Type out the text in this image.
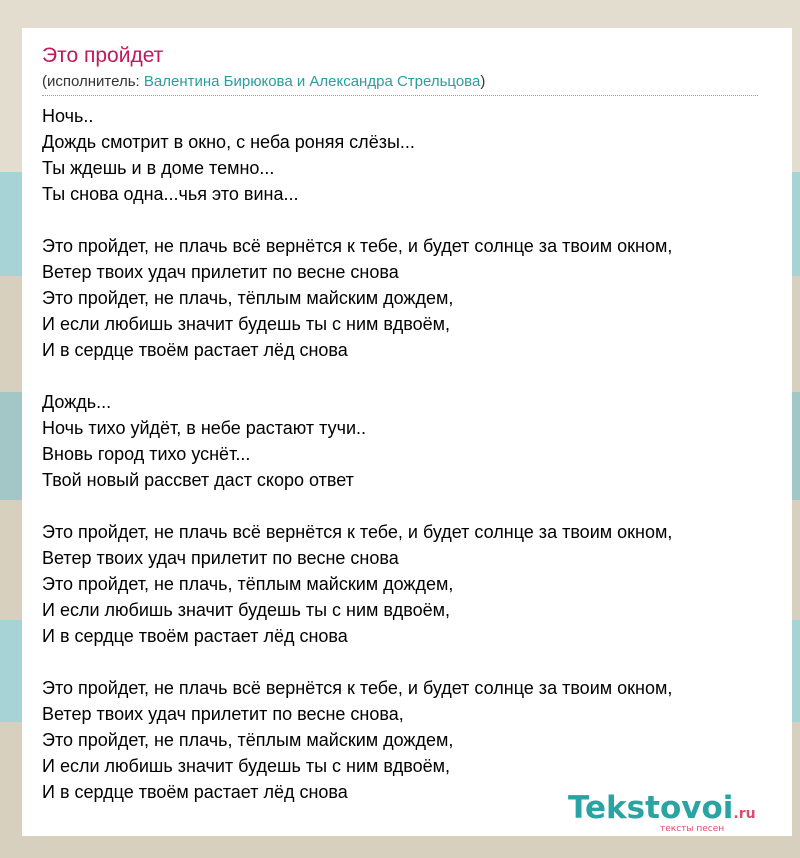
Это пройдет
(исполнитель: Валентина Бирюкова и Александра Стрельцова)
Ночь..
Дождь смотрит в окно, с неба роняя слёзы...
Ты ждешь и в доме темно...
Ты снова одна...чья это вина...
Это пройдет, не плачь всё вернётся к тебе, и будет солнце за твоим окном,
Ветер твоих удач прилетит по весне снова
Это пройдет, не плачь, тёплым майским дождем,
И если любишь значит будешь ты с ним вдвоём,
И в сердце твоём растает лёд снова
Дождь...
Ночь тихо уйдёт, в небе растают тучи..
Вновь город тихо уснёт...
Твой новый рассвет даст скоро ответ
Это пройдет, не плачь всё вернётся к тебе, и будет солнце за твоим окном,
Ветер твоих удач прилетит по весне снова
Это пройдет, не плачь, тёплым майским дождем,
И если любишь значит будешь ты с ним вдвоём,
И в сердце твоём растает лёд снова
Это пройдет, не плачь всё вернётся к тебе, и будет солнце за твоим окном,
Ветер твоих удач прилетит по весне снова,
Это пройдет, не плачь, тёплым майским дождем,
И если любишь значит будешь ты с ним вдвоём,
И в сердце твоём растает лёд снова	Tekstovoi.ru
тексты песен
